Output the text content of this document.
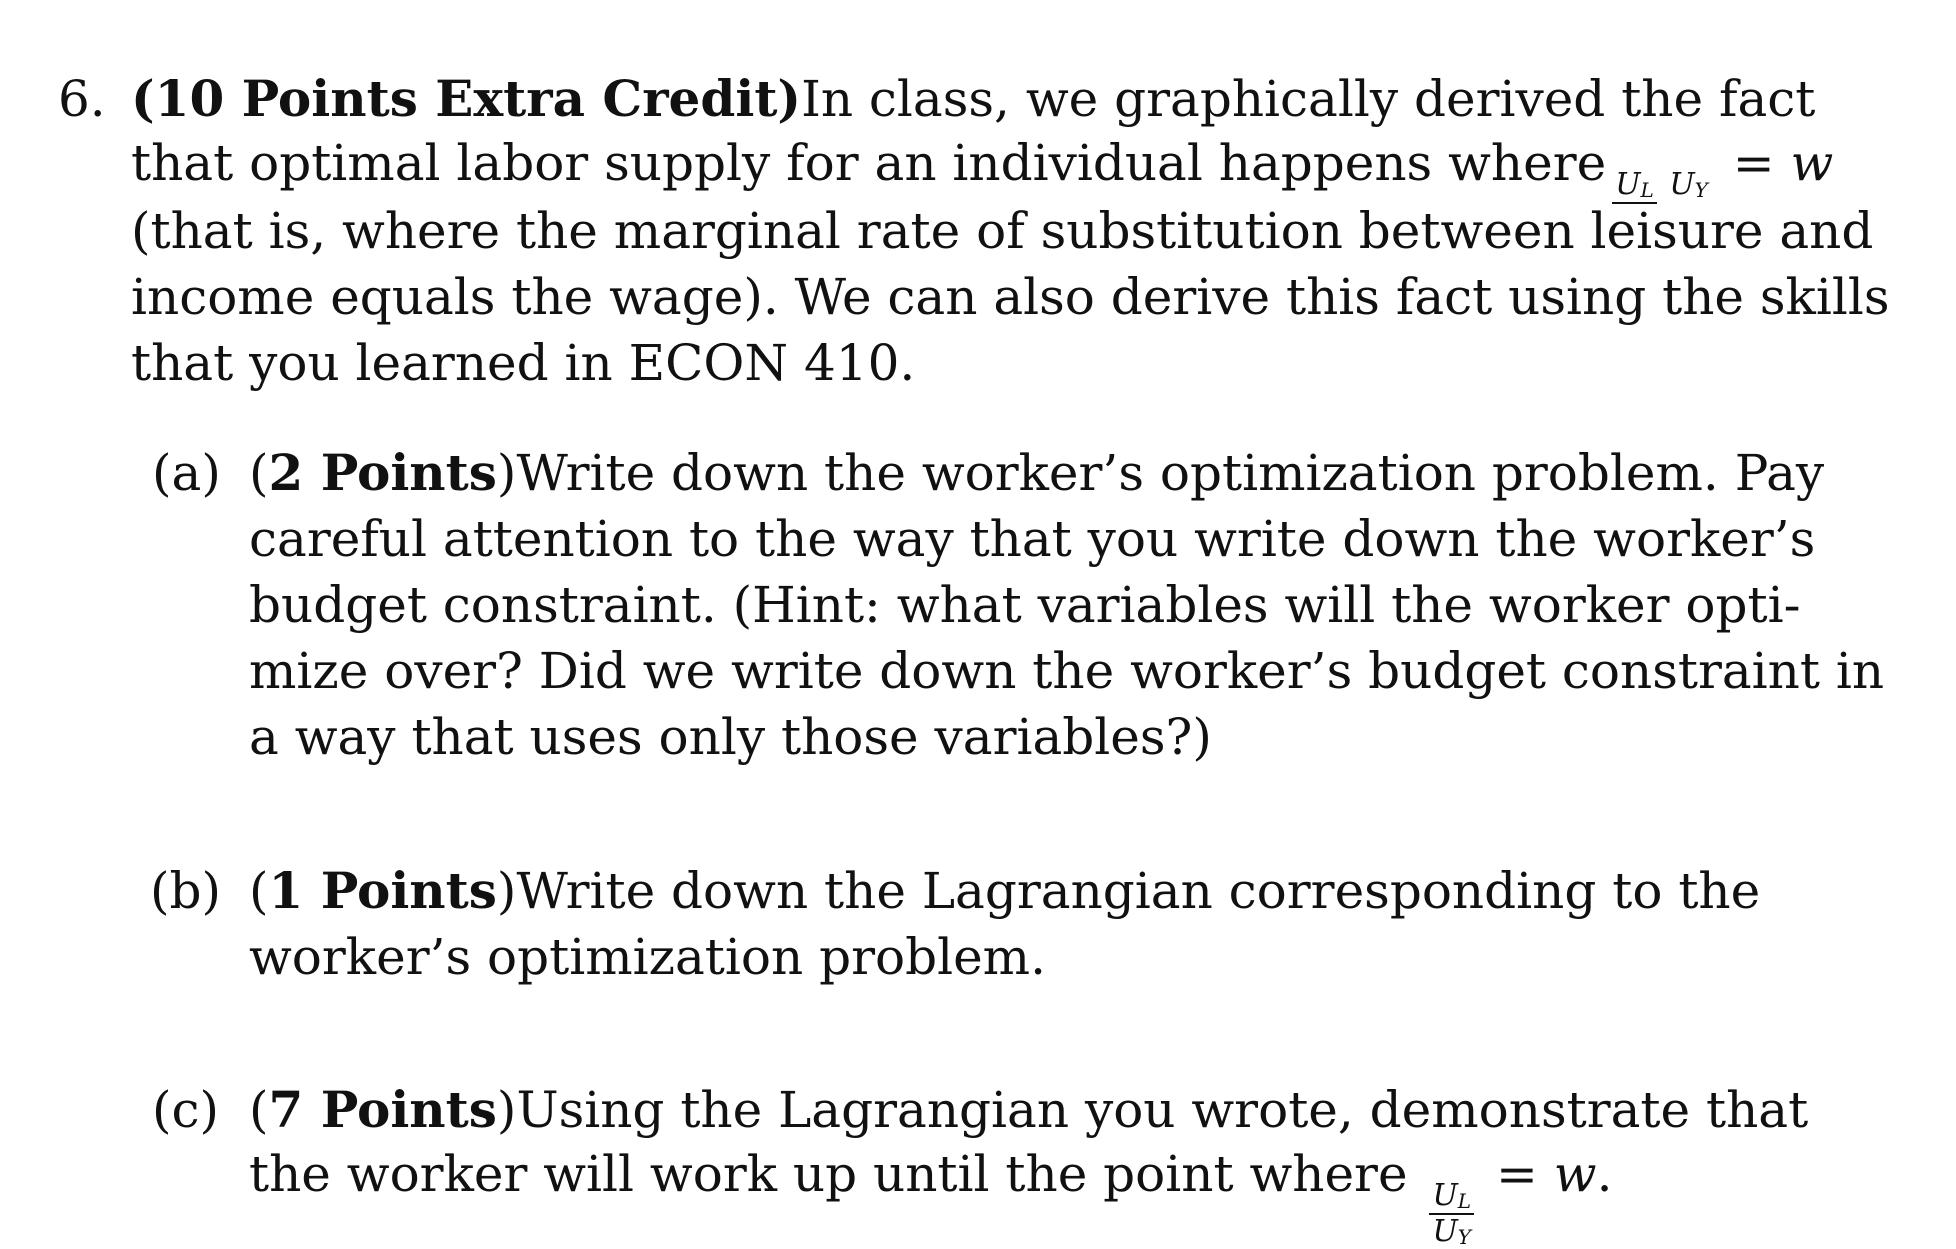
6. (10 Points Extra Credit) In class, we graphically derived the fact
that optimal labor supply for an individual happens where $U_L$ $U_Y = w$
(that is, where the marginal rate of substitution between leisure and
income equals the wage). We can also derive this fact using the skills
that you learned in ECON 410.
(a) (2 Points) Write down the worker’s optimization problem. Pay
careful attention to the way that you write down the worker’s
budget constraint. (Hint: what variables will the worker opti-
mize over? Did we write down the worker’s budget constraint in
a way that uses only those variables?)
(b) (1 Points) Write down the Lagrangian corresponding to the
worker’s optimization problem.
(c) (7 Points) Using the Lagrangian you wrote, demonstrate that
the worker will work up until the point where
$\frac{U_L}{U_Y}$
= w.
